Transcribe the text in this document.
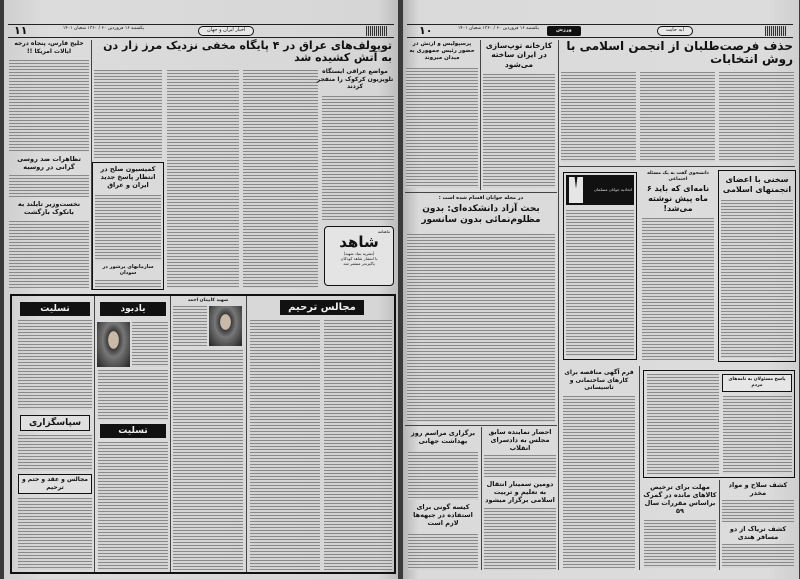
۱۱	یکشنبه ۱۶ فروردین ۶۰ / ۱۳۶۰ شعبان ۱۴۰۱	اخبار ایران و جهان
توپولف‌های عراق در ۴ پایگاه مخفی نزدیک مرز زار دن به آتش کشیده شد
خلیج فارس، پنجاه درجه ایالات امریکا !!
مواضع عراقی ایستگاه تلویزیون کرکوک را منفجر کردند
تظاهرات ضد روسی گرانی در روسیه
نخست‌وزیر تایلند به بانکوک بازگشت
کمیسیون صلح در انتظار پاسخ جدید ایران و عراق
سازمانهای پرشور در سودان
ماهنامه
شاهد
(نشریه بنیاد شهید)
با انتشار شاهد کودکان
پاکیزه‌تر منتشر شد
تسلیت
سپاسگزاری
مجالس و عقد و ختم و ترحیم
یادبود
تسلیت
شهید کاپیتان احمد
مجالس ترحیم
۱۰	یکشنبه ۱۶ فروردین ۶۰ / ۱۳۶۰ شعبان ۱۴۰۱	ورزش	آیه حایت
حذف فرصت‌طلبان از انجمن اسلامی با روش انتخابات
کارخانه توپ‌سازی در ایران ساخته می‌شود
پرسپولیس و ارتش در حضور رئیس جمهوری به میدان میروند
در مجله جوانان اقسام شده است :
بحث آزاد دانشکده‌ای: بدون مظلوم‌نمائی بدون سانسور
برگزاری مراسم روز بهداشت جهانی
کیسه گونی برای استفاده در جبهه‌ها لازم است
احضار نماینده سابق مجلس به دادسرای انقلاب
دومین سمینار انتقال به تعلیم و تربیت اسلامی برگزار میشود
اتحادیه جوانان مسلمان
دانشجوی گفت به یک مسئله اجتماعی
نامه‌ای که باید ۶ ماه پیش نوشته می‌شد!
سخنی با اعضای انجمنهای اسلامی
فرم آگهی مناقصه برای کارهای ساختمانی و تاسیساتی
پاسخ مسئولان به نامه‌های مردم
مهلت برای ترخیص کالاهای مانده در گمرک براساس مقررات سال ۵۹
کشف سلاح و مواد مخدر
کشف تریاک از دو مسافر هندی
